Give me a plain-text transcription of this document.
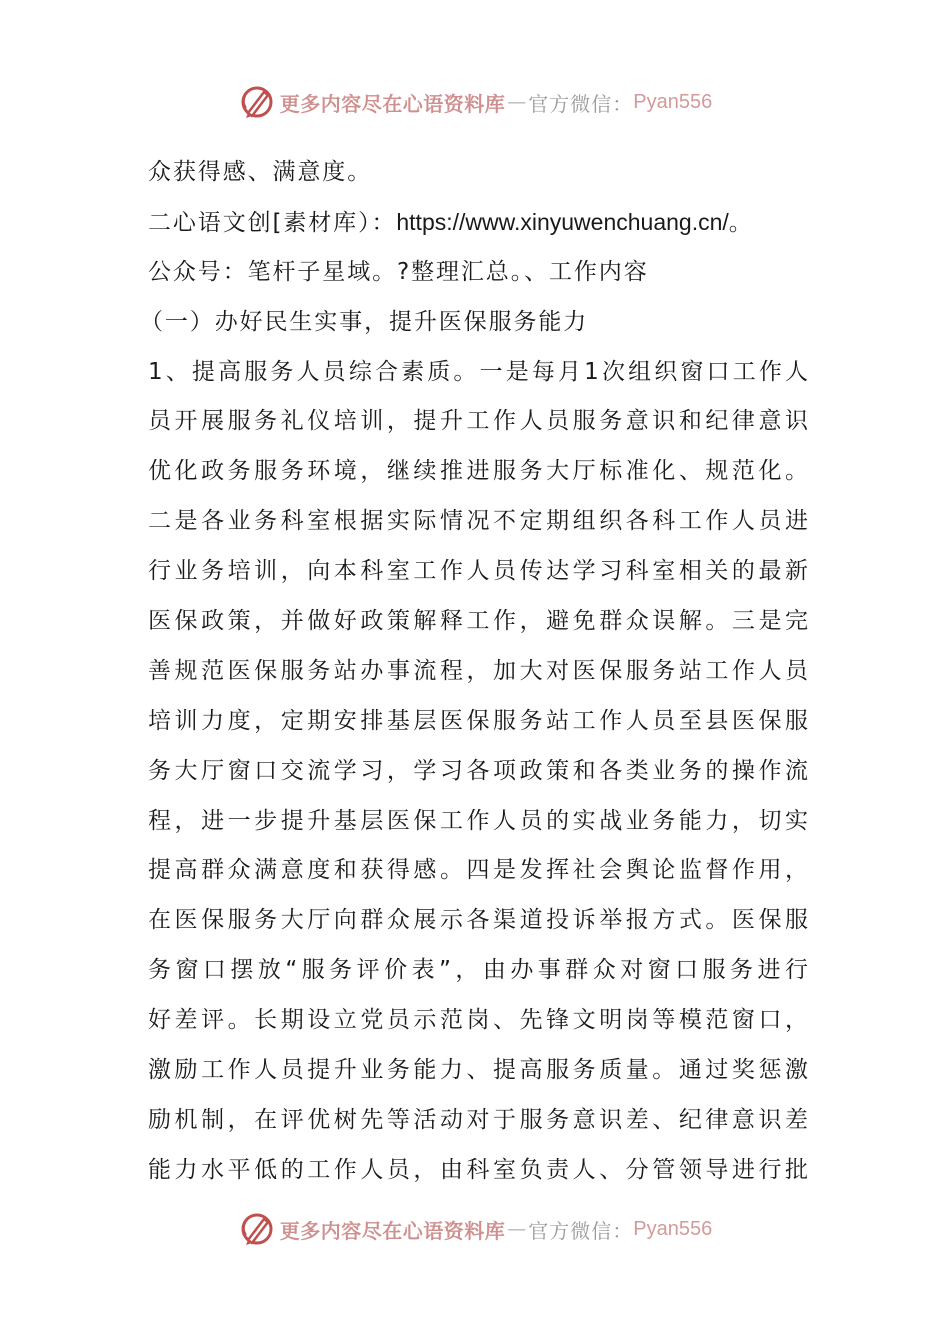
更多内容尽在心语资料库 — 官方微信： Pyan556
众获得感、满意度。
二心语文创[素材库）：https://www.xinyuwenchuang.cn/。
公众号：笔杆子星域。?整理汇总。、工作内容
（一）办好民生实事，提升医保服务能力
1、提高服务人员综合素质。一是每月1次组织窗口工作人
员开展服务礼仪培训，提升工作人员服务意识和纪律意识
优化政务服务环境，继续推进服务大厅标准化、规范化。
二是各业务科室根据实际情况不定期组织各科工作人员进
行业务培训，向本科室工作人员传达学习科室相关的最新
医保政策，并做好政策解释工作，避免群众误解。三是完
善规范医保服务站办事流程，加大对医保服务站工作人员
培训力度，定期安排基层医保服务站工作人员至县医保服
务大厅窗口交流学习，学习各项政策和各类业务的操作流
程，进一步提升基层医保工作人员的实战业务能力，切实
提高群众满意度和获得感。四是发挥社会舆论监督作用，
在医保服务大厅向群众展示各渠道投诉举报方式。医保服
务窗口摆放“服务评价表”，由办事群众对窗口服务进行
好差评。长期设立党员示范岗、先锋文明岗等模范窗口，
激励工作人员提升业务能力、提高服务质量。通过奖惩激
励机制，在评优树先等活动对于服务意识差、纪律意识差
能力水平低的工作人员，由科室负责人、分管领导进行批
更多内容尽在心语资料库 — 官方微信： Pyan556
